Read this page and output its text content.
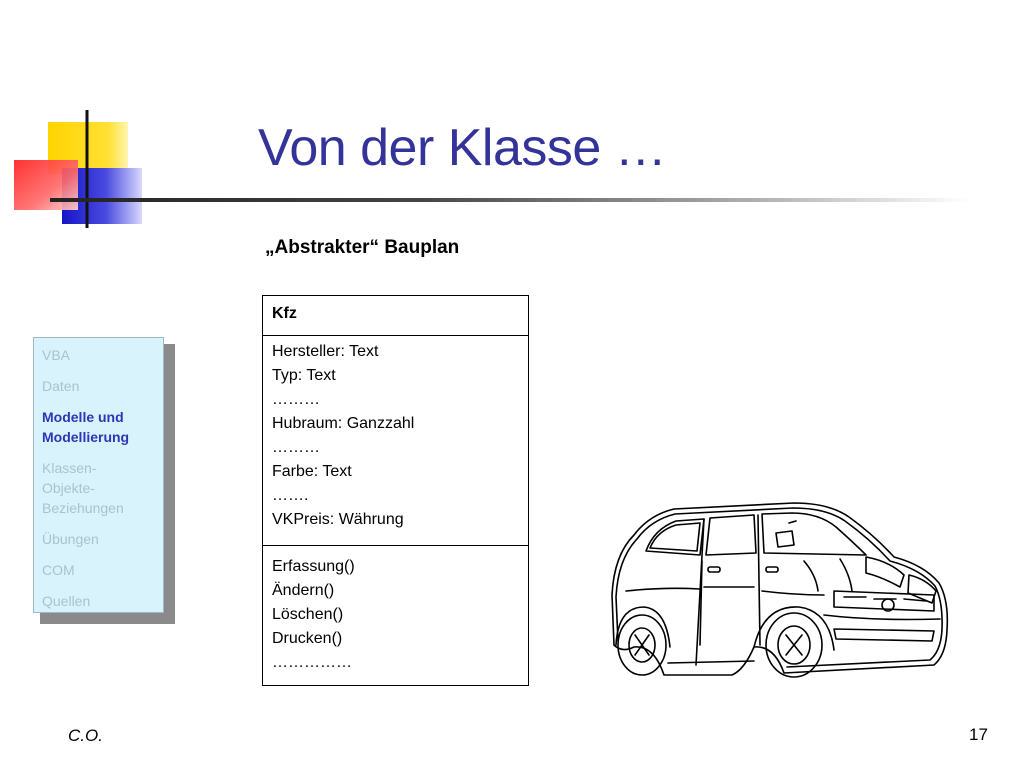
Von der Klasse …
„Abstrakter“ Bauplan
VBA
Daten
Modelle und Modellierung
Klassen-Objekte-Beziehungen
Übungen
COM
Quellen
Kfz
Hersteller: Text
Typ: Text
………
Hubraum: Ganzzahl
………
Farbe: Text
…….
VKPreis: Währung
Erfassung()
Ändern()
Löschen()
Drucken()
……………
C.O.	17
